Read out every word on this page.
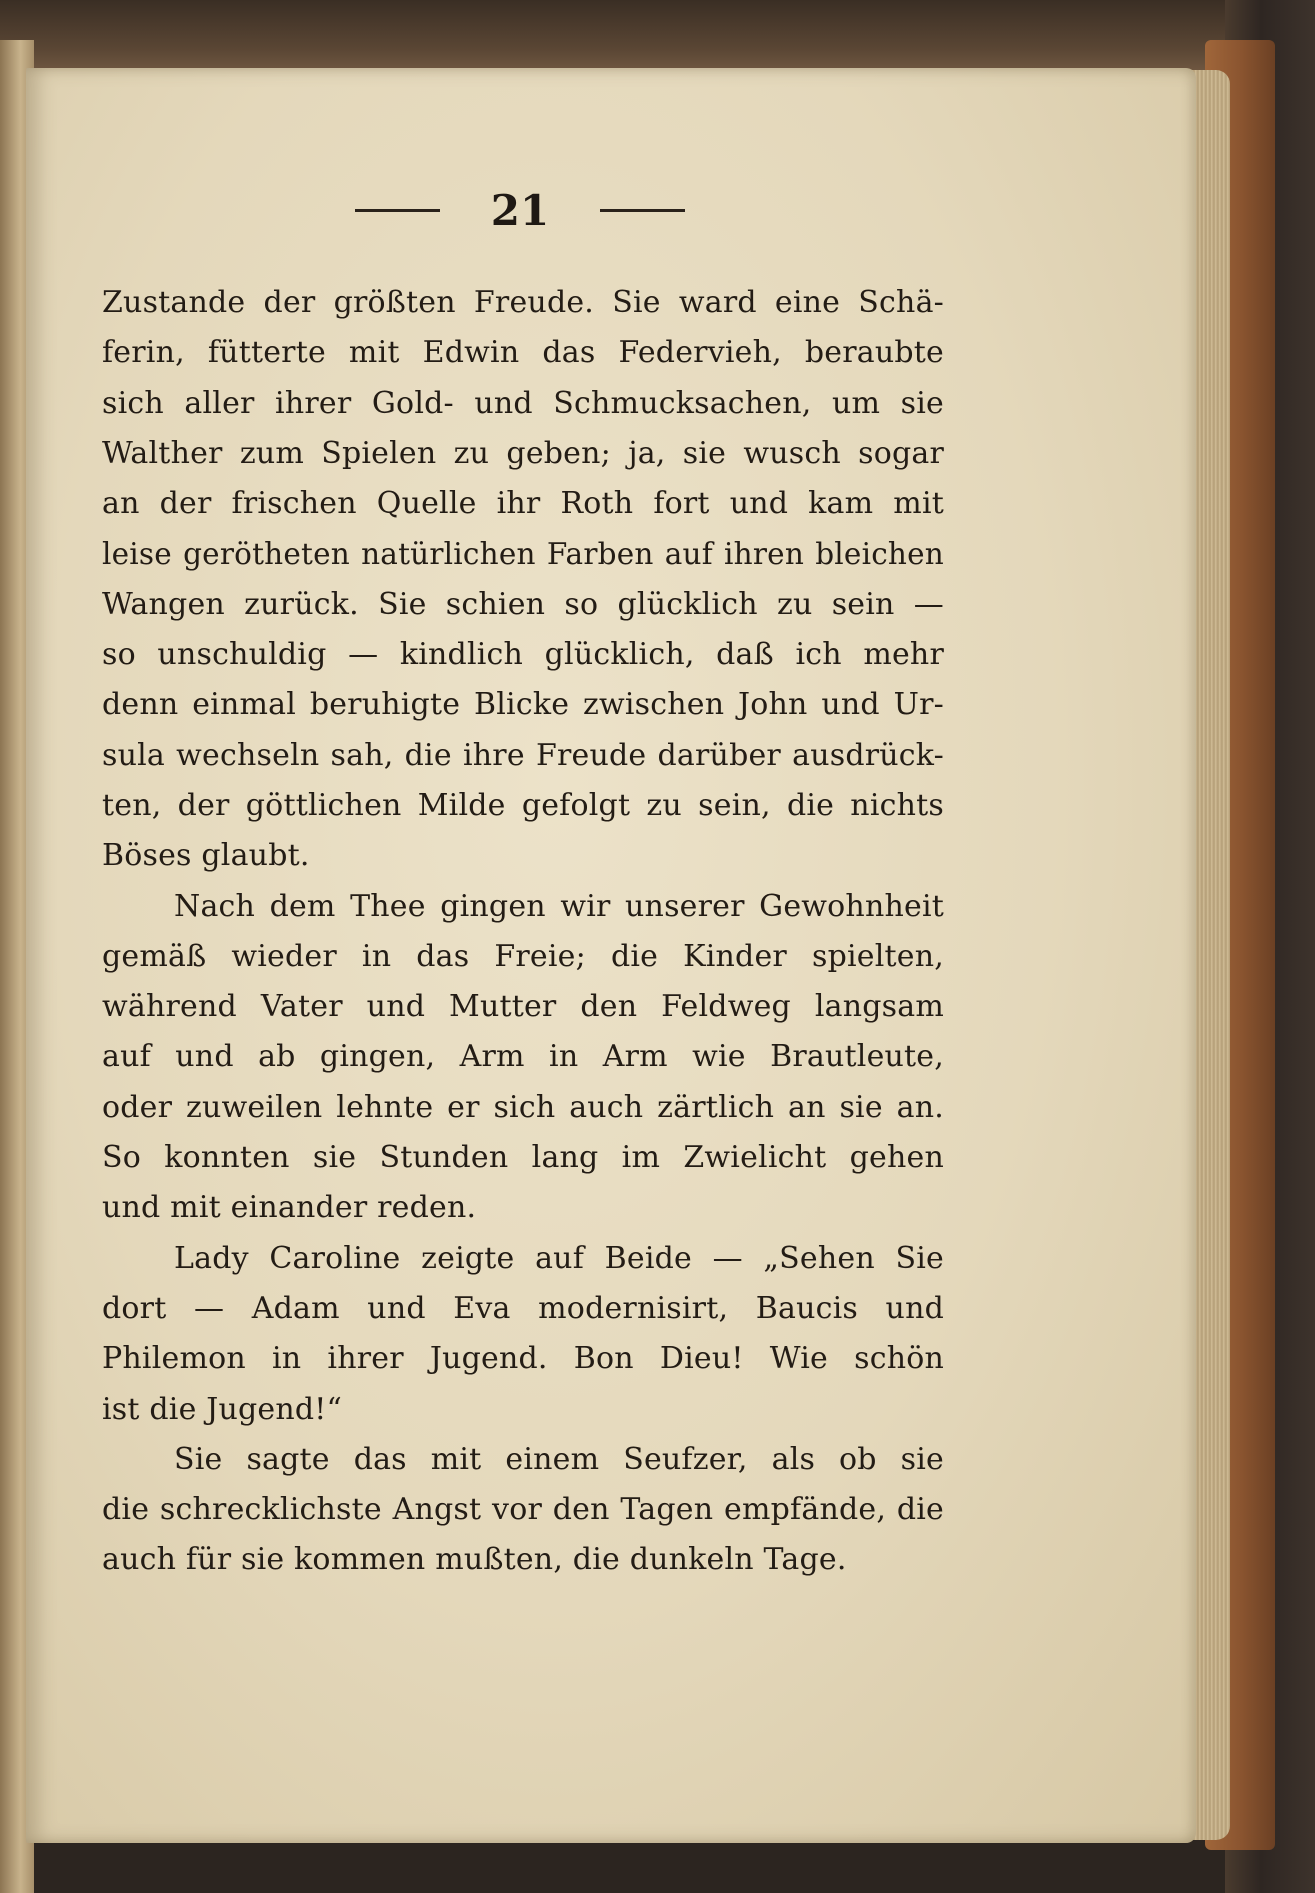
21
Zustande der größten Freude. Sie ward eine Schä-
ferin, fütterte mit Edwin das Federvieh, beraubte
sich aller ihrer Gold- und Schmucksachen, um sie
Walther zum Spielen zu geben; ja, sie wusch sogar
an der frischen Quelle ihr Roth fort und kam mit
leise gerötheten natürlichen Farben auf ihren bleichen
Wangen zurück. Sie schien so glücklich zu sein —
so unschuldig — kindlich glücklich, daß ich mehr
denn einmal beruhigte Blicke zwischen John und Ur-
sula wechseln sah, die ihre Freude darüber ausdrück-
ten, der göttlichen Milde gefolgt zu sein, die nichts
Böses glaubt.
Nach dem Thee gingen wir unserer Gewohnheit
gemäß wieder in das Freie; die Kinder spielten,
während Vater und Mutter den Feldweg langsam
auf und ab gingen, Arm in Arm wie Brautleute,
oder zuweilen lehnte er sich auch zärtlich an sie an.
So konnten sie Stunden lang im Zwielicht gehen
und mit einander reden.
Lady Caroline zeigte auf Beide — „Sehen Sie
dort — Adam und Eva modernisirt, Baucis und
Philemon in ihrer Jugend. Bon Dieu! Wie schön
ist die Jugend!“
Sie sagte das mit einem Seufzer, als ob sie
die schrecklichste Angst vor den Tagen empfände, die
auch für sie kommen mußten, die dunkeln Tage.
